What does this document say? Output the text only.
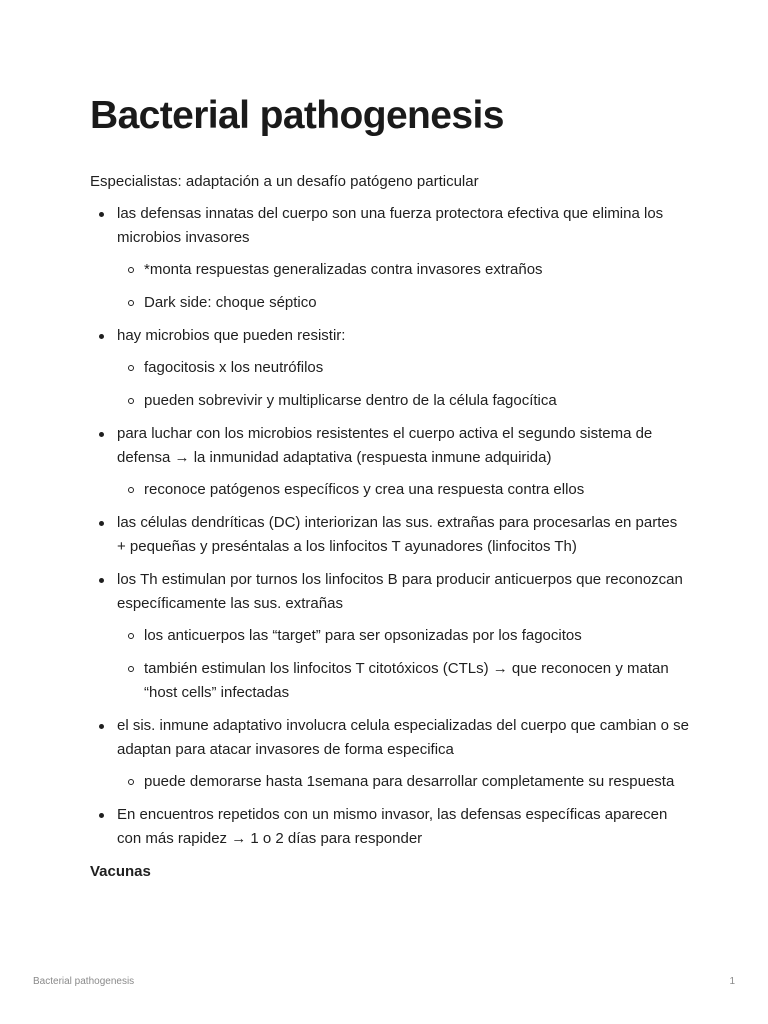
Bacterial pathogenesis

Especialistas: adaptación a un desafío patógeno particular

las defensas innatas del cuerpo son una fuerza protectora efectiva que elimina los microbios invasores
*monta respuestas generalizadas contra invasores extraños
Dark side: choque séptico
hay microbios que pueden resistir:
fagocitosis x los neutrófilos
pueden sobrevivir y multiplicarse dentro de la célula fagocítica
para luchar con los microbios resistentes el cuerpo activa el segundo sistema de defensa → la inmunidad adaptativa (respuesta inmune adquirida)
reconoce patógenos específicos y crea una respuesta contra ellos
las células dendríticas (DC) interiorizan las sus. extrañas para procesarlas en partes + pequeñas y preséntalas a los linfocitos T ayunadores (linfocitos Th)
los Th estimulan por turnos los linfocitos B para producir anticuerpos que reconozcan específicamente las sus. extrañas
los anticuerpos las “target” para ser opsonizadas por los fagocitos
también estimulan los linfocitos T citotóxicos (CTLs) → que reconocen y matan “host cells” infectadas
el sis. inmune adaptativo involucra celula especializadas del cuerpo que cambian o se adaptan para atacar invasores de forma especifica
puede demorarse hasta 1semana para desarrollar completamente su respuesta
En encuentros repetidos con un mismo invasor, las defensas específicas aparecen con más rapidez → 1 o 2 días para responder

Vacunas

Bacterial pathogenesis	1
